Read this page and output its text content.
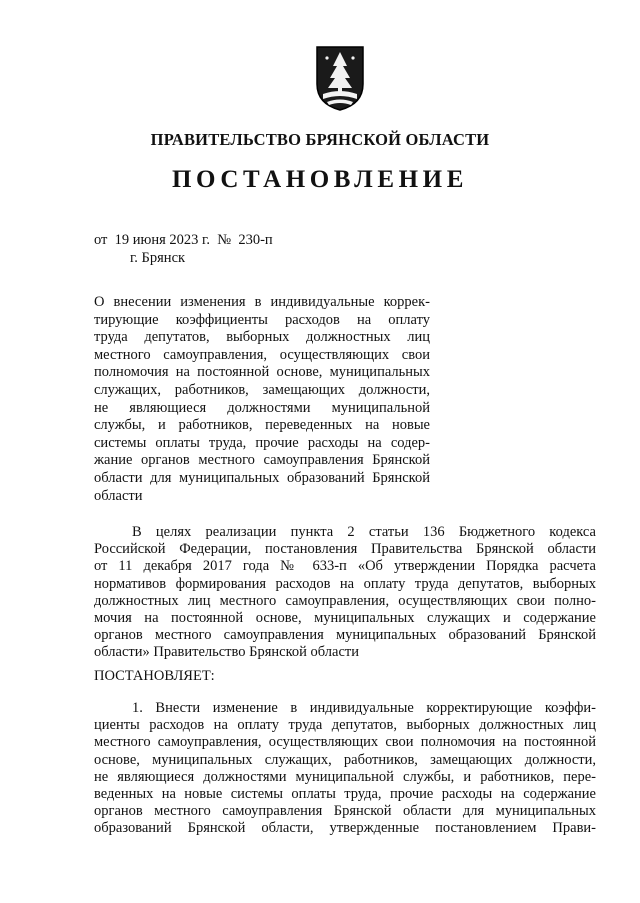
ПРАВИТЕЛЬСТВО БРЯНСКОЙ ОБЛАСТИ
ПОСТАНОВЛЕНИЕ
от  19 июня 2023 г.  №  230-п
г. Брянск
О внесении изменения в индивидуальные коррек-
тирующие коэффициенты расходов на оплату
труда депутатов, выборных должностных лиц
местного самоуправления, осуществляющих свои
полномочия на постоянной основе, муниципальных
служащих, работников, замещающих должности,
не являющиеся должностями муниципальной
службы, и работников, переведенных на новые
системы оплаты труда, прочие расходы на содер-
жание органов местного самоуправления Брянской
области для муниципальных образований Брянской
области
В целях реализации пункта 2 статьи 136 Бюджетного кодекса
Российской Федерации, постановления Правительства Брянской области
от 11 декабря 2017 года № 633-п «Об утверждении Порядка расчета
нормативов формирования расходов на оплату труда депутатов, выборных
должностных лиц местного самоуправления, осуществляющих свои полно-
мочия на постоянной основе, муниципальных служащих и содержание
органов местного самоуправления муниципальных образований Брянской
области» Правительство Брянской области
ПОСТАНОВЛЯЕТ:
1. Внести изменение в индивидуальные корректирующие коэффи-
циенты расходов на оплату труда депутатов, выборных должностных лиц
местного самоуправления, осуществляющих свои полномочия на постоянной
основе, муниципальных служащих, работников, замещающих должности,
не являющиеся должностями муниципальной службы, и работников, пере-
веденных на новые системы оплаты труда, прочие расходы на содержание
органов местного самоуправления Брянской области для муниципальных
образований Брянской области, утвержденные постановлением Прави-
